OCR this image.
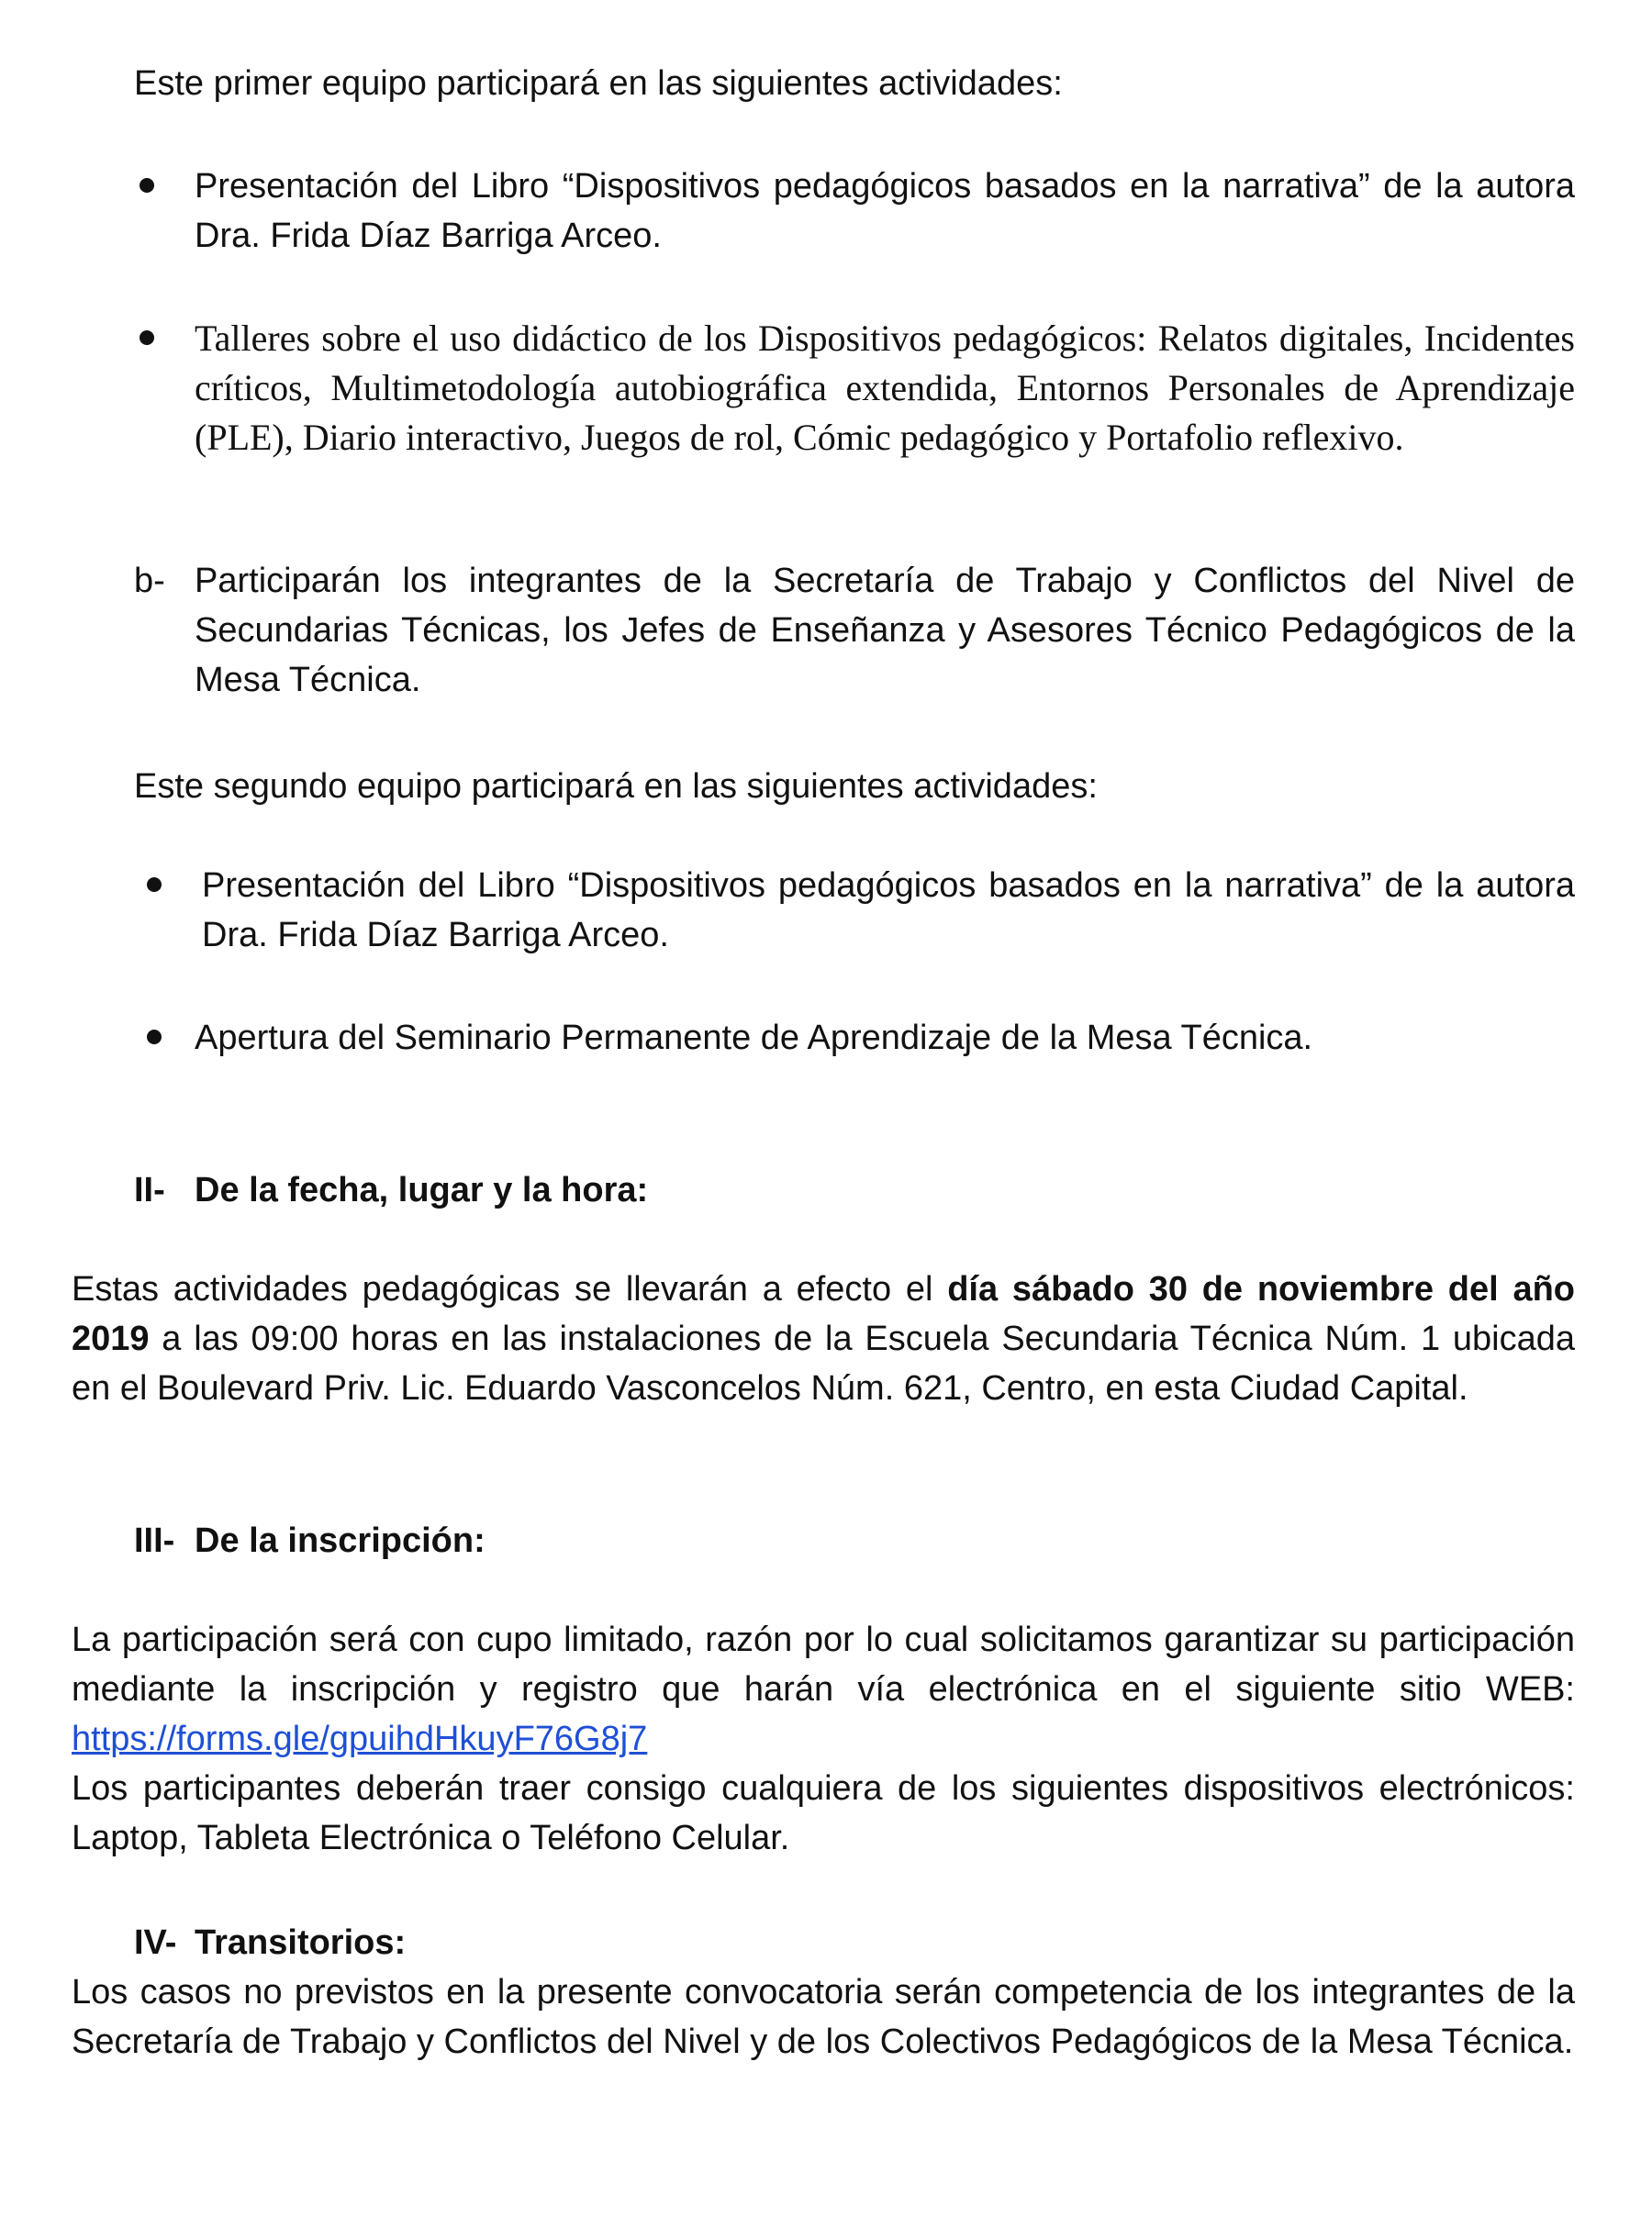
Este primer equipo participará en las siguientes actividades:

Presentación del Libro “Dispositivos pedagógicos basados en la narrativa” de la autora Dra. Frida Díaz Barriga Arceo.

Talleres sobre el uso didáctico de los Dispositivos pedagógicos: Relatos digitales, Incidentes críticos, Multimetodología autobiográfica extendida, Entornos Personales de Aprendizaje (PLE), Diario interactivo, Juegos de rol, Cómic pedagógico y Portafolio reflexivo.

b- Participarán los integrantes de la Secretaría de Trabajo y Conflictos del Nivel de Secundarias Técnicas, los Jefes de Enseñanza y Asesores Técnico Pedagógicos de la Mesa Técnica.

Este segundo equipo participará en las siguientes actividades:

Presentación del Libro “Dispositivos pedagógicos basados en la narrativa” de la autora Dra. Frida Díaz Barriga Arceo.

Apertura del Seminario Permanente de Aprendizaje de la Mesa Técnica.

II- De la fecha, lugar y la hora:

Estas actividades pedagógicas se llevarán a efecto el día sábado 30 de noviembre del año 2019 a las 09:00 horas en las instalaciones de la Escuela Secundaria Técnica Núm. 1 ubicada en el Boulevard Priv. Lic. Eduardo Vasconcelos Núm. 621, Centro, en esta Ciudad Capital.

III- De la inscripción:

La participación será con cupo limitado, razón por lo cual solicitamos garantizar su participación mediante la inscripción y registro que harán vía electrónica en el siguiente sitio WEB: https://forms.gle/gpuihdHkuyF76G8j7

Los participantes deberán traer consigo cualquiera de los siguientes dispositivos electrónicos: Laptop, Tableta Electrónica o Teléfono Celular.

IV- Transitorios:

Los casos no previstos en la presente convocatoria serán competencia de los integrantes de la Secretaría de Trabajo y Conflictos del Nivel y de los Colectivos Pedagógicos de la Mesa Técnica.
